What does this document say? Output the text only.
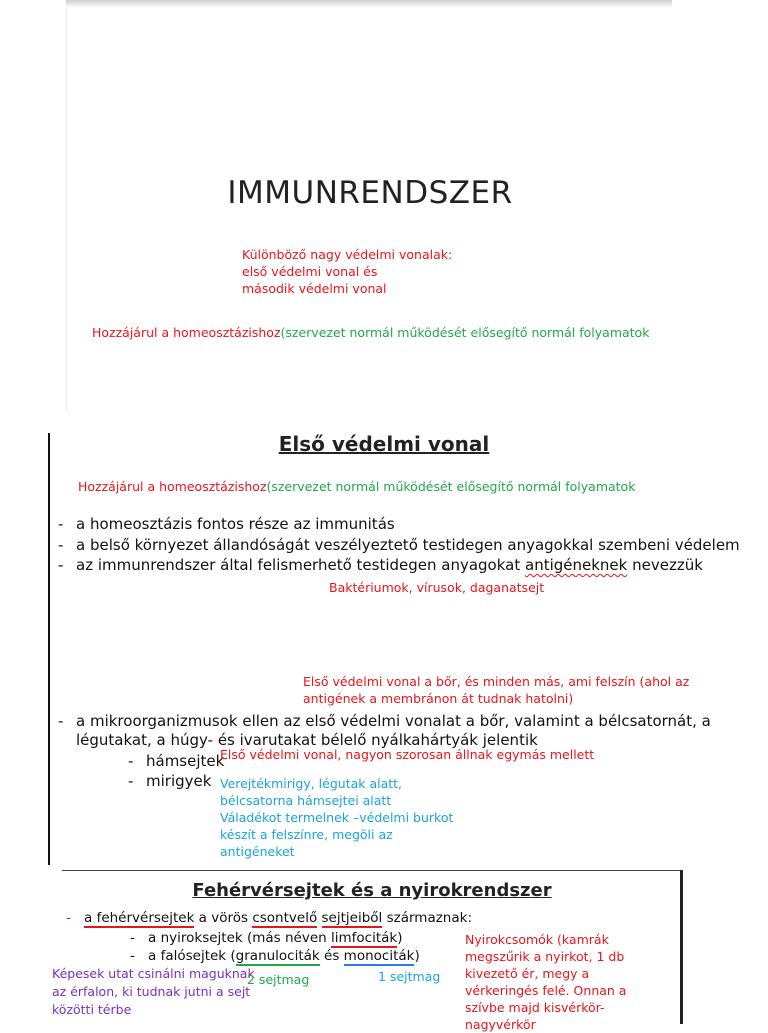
IMMUNRENDSZER
Különböző nagy védelmi vonalak:
első védelmi vonal és
második védelmi vonal
Hozzájárul a homeosztázishoz(szervezet normál működését elősegítő normál folyamatok
Első védelmi vonal
Hozzájárul a homeosztázishoz(szervezet normál működését elősegítő normál folyamatok
- a homeosztázis fontos része az immunitás
- a belső környezet állandóságát veszélyeztető testidegen anyagokkal szembeni védelem
- az immunrendszer által felismerhető testidegen anyagokat antigéneknek nevezzük
Baktériumok, vírusok, daganatsejt
Első védelmi vonal a bőr, és minden más, ami felszín (ahol az
antigének a membránon át tudnak hatolni)
- a mikroorganizmusok ellen az első védelmi vonalat a bőr, valamint a bélcsatornát, a
légutakat, a húgy- és ivarutakat bélelő nyálkahártyák jelentik
- hámsejtek
Első védelmi vonal, nagyon szorosan állnak egymás mellett
- mirigyek Verejtékmirigy, légutak alatt,
bélcsatorna hámsejtei alatt
Váladékot termelnek –védelmi burkot
készít a felszínre, megöli az
antigéneket
Fehérvérsejtek és a nyirokrendszer
- a fehérvérsejtek a vörös csontvelő sejtjeiből származnak:
- a nyiroksejtek (más néven limfociták)
- a falósejtek (granulociták és monociták)
Képesek utat csinálni maguknak
az érfalon, ki tudnak jutni a sejt
közötti térbe
2 sejtmag	1 sejtmag
Nyirokcsomók (kamrák
megszűrik a nyirkot, 1 db
kivezető ér, megy a
vérkeringés felé. Onnan a
szívbe majd kisvérkör-
nagyvérkör
